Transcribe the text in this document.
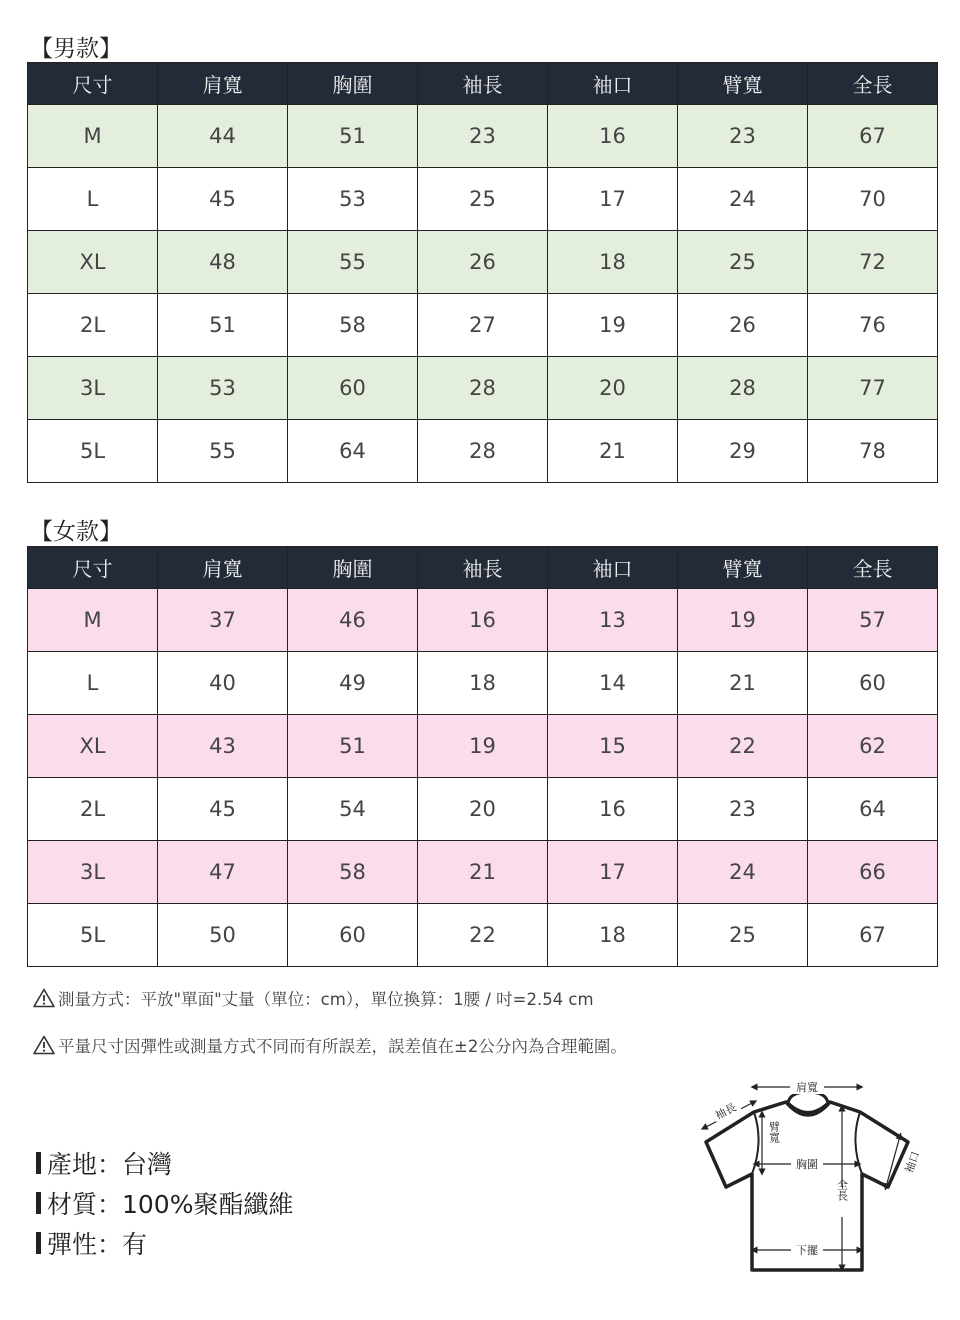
【男款】
尺寸	肩寬	胸圍	袖長	袖口	臂寬	全長
M	44	51	23	16	23	67
L	45	53	25	17	24	70
XL	48	55	26	18	25	72
2L	51	58	27	19	26	76
3L	53	60	28	20	28	77
5L	55	64	28	21	29	78
【女款】
尺寸	肩寬	胸圍	袖長	袖口	臂寬	全長
M	37	46	16	13	19	57
L	40	49	18	14	21	60
XL	43	51	19	15	22	62
2L	45	54	20	16	23	64
3L	47	58	21	17	24	66
5L	50	60	22	18	25	67
測量方式：平放"單面"丈量（單位：cm），單位換算：1腰 / 吋=2.54 cm
平量尺寸因彈性或測量方式不同而有所誤差，誤差值在±2公分內為合理範圍。
產地：台灣
材質：100%聚酯纖維
彈性：有
肩寬
袖長
臂寬
胸圍	袖口
全長
下擺
